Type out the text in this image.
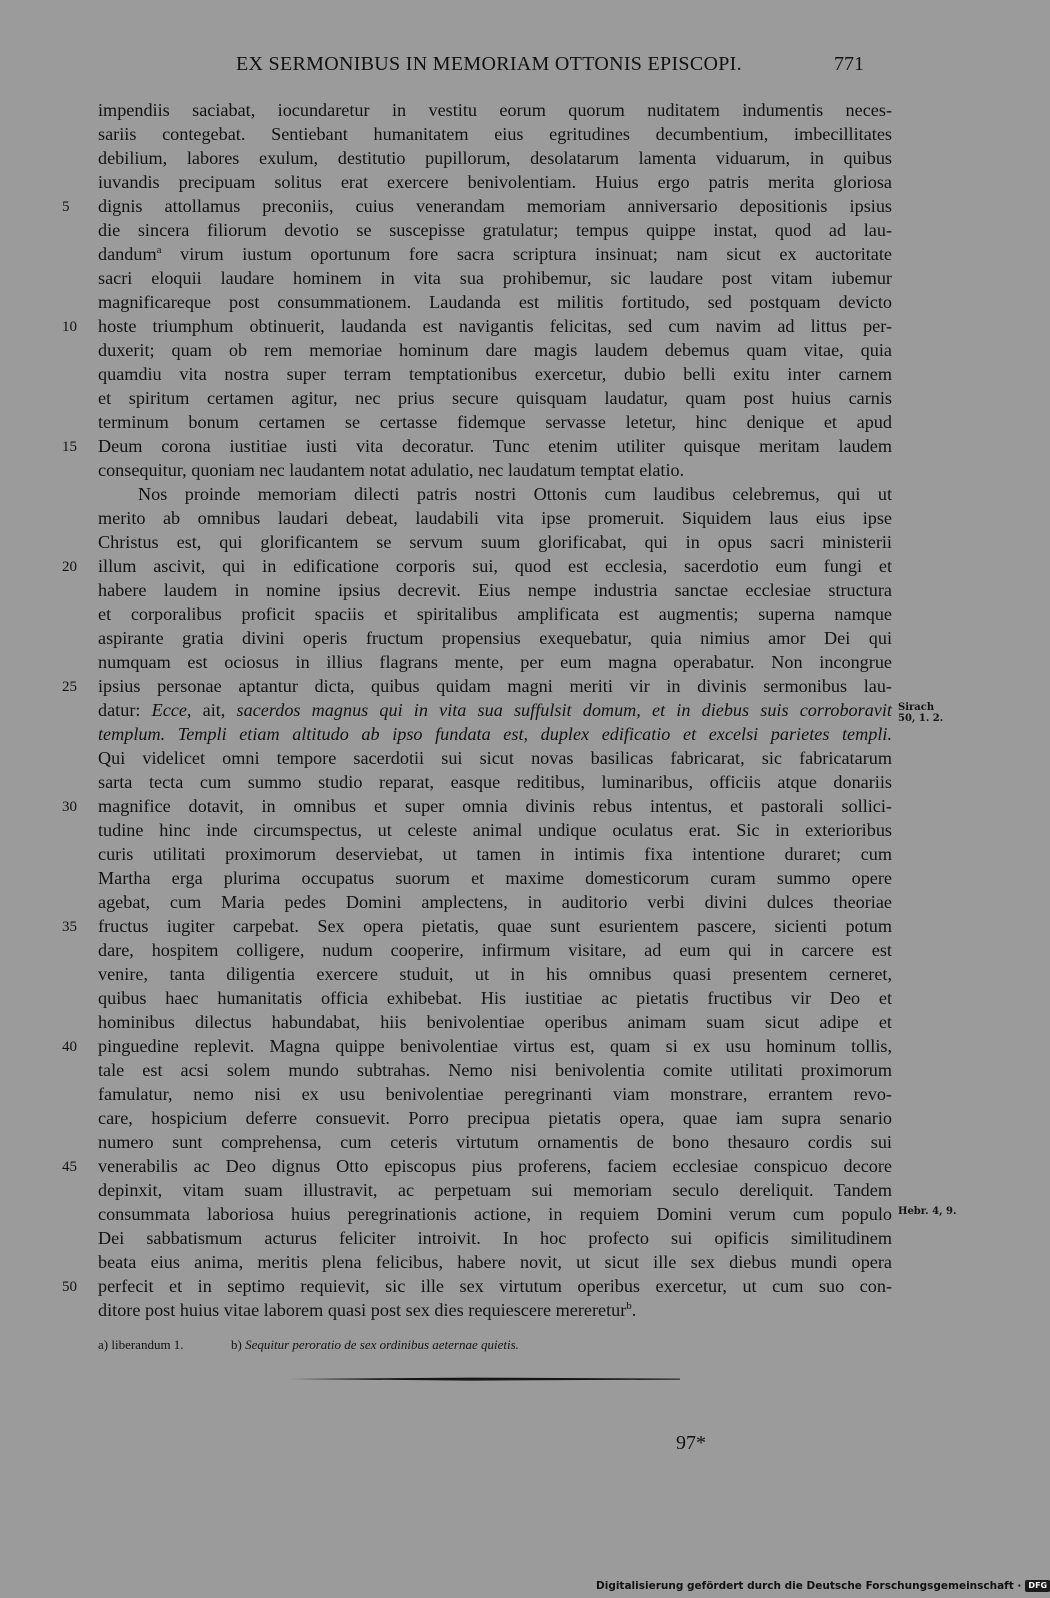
EX SERMONIBUS IN MEMORIAM OTTONIS EPISCOPI.	771
impendiis saciabat, iocundaretur in vestitu eorum quorum nuditatem indumentis neces-
sariis contegebat. Sentiebant humanitatem eius egritudines decumbentium, imbecillitates
debilium, labores exulum, destitutio pupillorum, desolatarum lamenta viduarum, in quibus
iuvandis precipuam solitus erat exercere benivolentiam. Huius ergo patris merita gloriosa
5	dignis attollamus preconiis, cuius venerandam memoriam anniversario depositionis ipsius
die sincera filiorum devotio se suscepisse gratulatur; tempus quippe instat, quod ad lau-
dandum$^a$ virum iustum oportunum fore sacra scriptura insinuat; nam sicut ex auctoritate
sacri eloquii laudare hominem in vita sua prohibemur, sic laudare post vitam iubemur
magnificareque post consummationem. Laudanda est militis fortitudo, sed postquam devicto
10	hoste triumphum obtinuerit, laudanda est navigantis felicitas, sed cum navim ad littus per-
duxerit; quam ob rem memoriae hominum dare magis laudem debemus quam vitae, quia
quamdiu vita nostra super terram temptationibus exercetur, dubio belli exitu inter carnem
et spiritum certamen agitur, nec prius secure quisquam laudatur, quam post huius carnis
terminum bonum certamen se certasse fidemque servasse letetur, hinc denique et apud
15	Deum corona iustitiae iusti vita decoratur. Tunc etenim utiliter quisque meritam laudem
consequitur, quoniam nec laudantem notat adulatio, nec laudatum temptat elatio.
Nos proinde memoriam dilecti patris nostri Ottonis cum laudibus celebremus, qui ut
merito ab omnibus laudari debeat, laudabili vita ipse promeruit. Siquidem laus eius ipse
Christus est, qui glorificantem se servum suum glorificabat, qui in opus sacri ministerii
20	illum ascivit, qui in edificatione corporis sui, quod est ecclesia, sacerdotio eum fungi et
habere laudem in nomine ipsius decrevit. Eius nempe industria sanctae ecclesiae structura
et corporalibus proficit spaciis et spiritalibus amplificata est augmentis; superna namque
aspirante gratia divini operis fructum propensius exequebatur, quia nimius amor Dei qui
numquam est ociosus in illius flagrans mente, per eum magna operabatur. Non incongrue
25	ipsius personae aptantur dicta, quibus quidam magni meriti vir in divinis sermonibus lau-
datur: Ecce, ait, sacerdos magnus qui in vita sua suffulsit domum, et in diebus suis corroboravit
templum. Templi etiam altitudo ab ipso fundata est, duplex edificatio et excelsi parietes templi.
Qui videlicet omni tempore sacerdotii sui sicut novas basilicas fabricarat, sic fabricatarum
sarta tecta cum summo studio reparat, easque reditibus, luminaribus, officiis atque donariis
30	magnifice dotavit, in omnibus et super omnia divinis rebus intentus, et pastorali sollici-
tudine hinc inde circumspectus, ut celeste animal undique oculatus erat. Sic in exterioribus
curis utilitati proximorum deserviebat, ut tamen in intimis fixa intentione duraret; cum
Martha erga plurima occupatus suorum et maxime domesticorum curam summo opere
agebat, cum Maria pedes Domini amplectens, in auditorio verbi divini dulces theoriae
35	fructus iugiter carpebat. Sex opera pietatis, quae sunt esurientem pascere, sicienti potum
dare, hospitem colligere, nudum cooperire, infirmum visitare, ad eum qui in carcere est
venire, tanta diligentia exercere studuit, ut in his omnibus quasi presentem cerneret,
quibus haec humanitatis officia exhibebat. His iustitiae ac pietatis fructibus vir Deo et
hominibus dilectus habundabat, hiis benivolentiae operibus animam suam sicut adipe et
40	pinguedine replevit. Magna quippe benivolentiae virtus est, quam si ex usu hominum tollis,
tale est acsi solem mundo subtrahas. Nemo nisi benivolentia comite utilitati proximorum
famulatur, nemo nisi ex usu benivolentiae peregrinanti viam monstrare, errantem revo-
care, hospicium deferre consuevit. Porro precipua pietatis opera, quae iam supra senario
numero sunt comprehensa, cum ceteris virtutum ornamentis de bono thesauro cordis sui
45	venerabilis ac Deo dignus Otto episcopus pius proferens, faciem ecclesiae conspicuo decore
depinxit, vitam suam illustravit, ac perpetuam sui memoriam seculo dereliquit. Tandem
consummata laboriosa huius peregrinationis actione, in requiem Domini verum cum populo
Dei sabbatismum acturus feliciter introivit. In hoc profecto sui opificis similitudinem
beata eius anima, meritis plena felicibus, habere novit, ut sicut ille sex diebus mundi opera
50	perfecit et in septimo requievit, sic ille sex virtutum operibus exercetur, ut cum suo con-
ditore post huius vitae laborem quasi post sex dies requiescere mereretur$^b$.
Sirach
50, 1. 2.
Hebr. 4, 9.
a) liberandum 1.	b) Sequitur peroratio de sex ordinibus aeternae quietis.
97*
Digitalisierung gefördert durch die Deutsche Forschungsgemeinschaft · DFG
